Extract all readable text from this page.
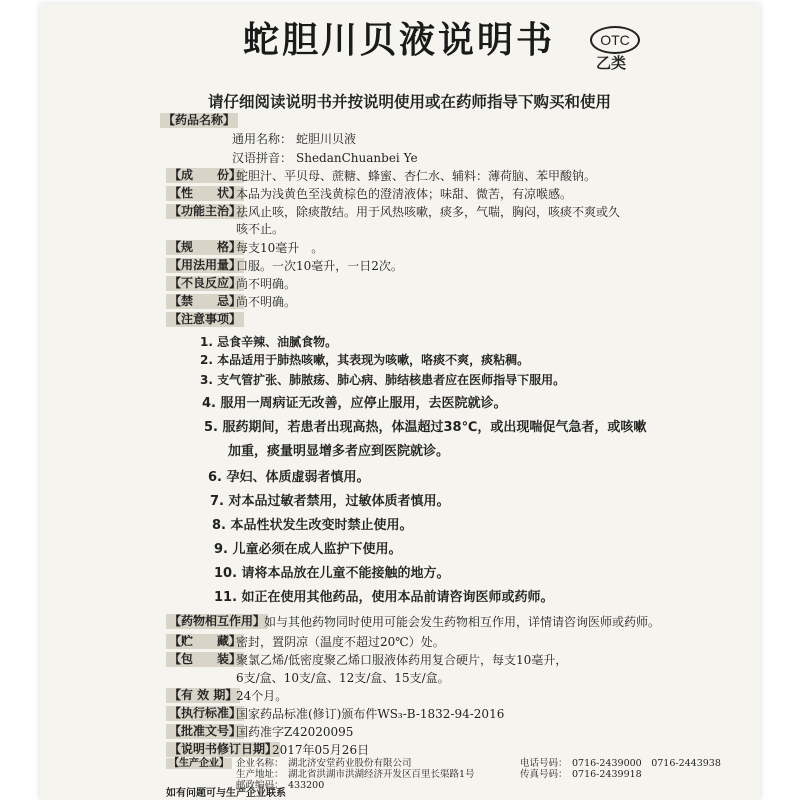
蛇胆川贝液说明书	OTC
乙类
请仔细阅读说明书并按说明使用或在药师指导下购买和使用
【药品名称】
通用名称： 蛇胆川贝液
汉语拼音： ShedanChuanbei Ye
【成　　份】
蛇胆汁、平贝母、蔗糖、蜂蜜、杏仁水、辅料：薄荷脑、苯甲酸钠。
【性　　状】
本品为浅黄色至浅黄棕色的澄清液体；味甜、微苦，有凉喉感。
【功能主治】
祛风止咳，除痰散结。用于风热咳嗽，痰多，气喘，胸闷，咳痰不爽或久
咳不止。
【规　　格】
每支10毫升　。
【用法用量】
口服。一次10毫升，一日2次。
【不良反应】
尚不明确。
【禁　　忌】
尚不明确。
【注意事项】
1. 忌食辛辣、油腻食物。
2. 本品适用于肺热咳嗽，其表现为咳嗽，咯痰不爽，痰粘稠。
3. 支气管扩张、肺脓疡、肺心病、肺结核患者应在医师指导下服用。
4. 服用一周病证无改善，应停止服用，去医院就诊。
5. 服药期间，若患者出现高热，体温超过38℃，或出现喘促气急者，或咳嗽
加重，痰量明显增多者应到医院就诊。
6. 孕妇、体质虚弱者慎用。
7. 对本品过敏者禁用，过敏体质者慎用。
8. 本品性状发生改变时禁止使用。
9. 儿童必须在成人监护下使用。
10. 请将本品放在儿童不能接触的地方。
11. 如正在使用其他药品，使用本品前请咨询医师或药师。
【药物相互作用】
如与其他药物同时使用可能会发生药物相互作用，详情请咨询医师或药师。
【贮　　藏】
密封，置阴凉（温度不超过20℃）处。
【包　　装】
聚氯乙烯/低密度聚乙烯口服液体药用复合硬片，每支10毫升，
6支/盒、10支/盒、12支/盒、15支/盒。
【有 效 期】
24个月。
【执行标准】
国家药品标准(修订)颁布件WS₃-B-1832-94-2016
【批准文号】
国药准字Z42020095
【说明书修订日期】
2017年05月26日
【生产企业】 企业名称： 湖北济安堂药业股份有限公司
生产地址： 湖北省洪湖市洪湖经济开发区百里长渠路1号
邮政编码： 433200
电话号码： 0716-2439000　0716-2443938
传真号码： 0716-2439918
如有问题可与生产企业联系
